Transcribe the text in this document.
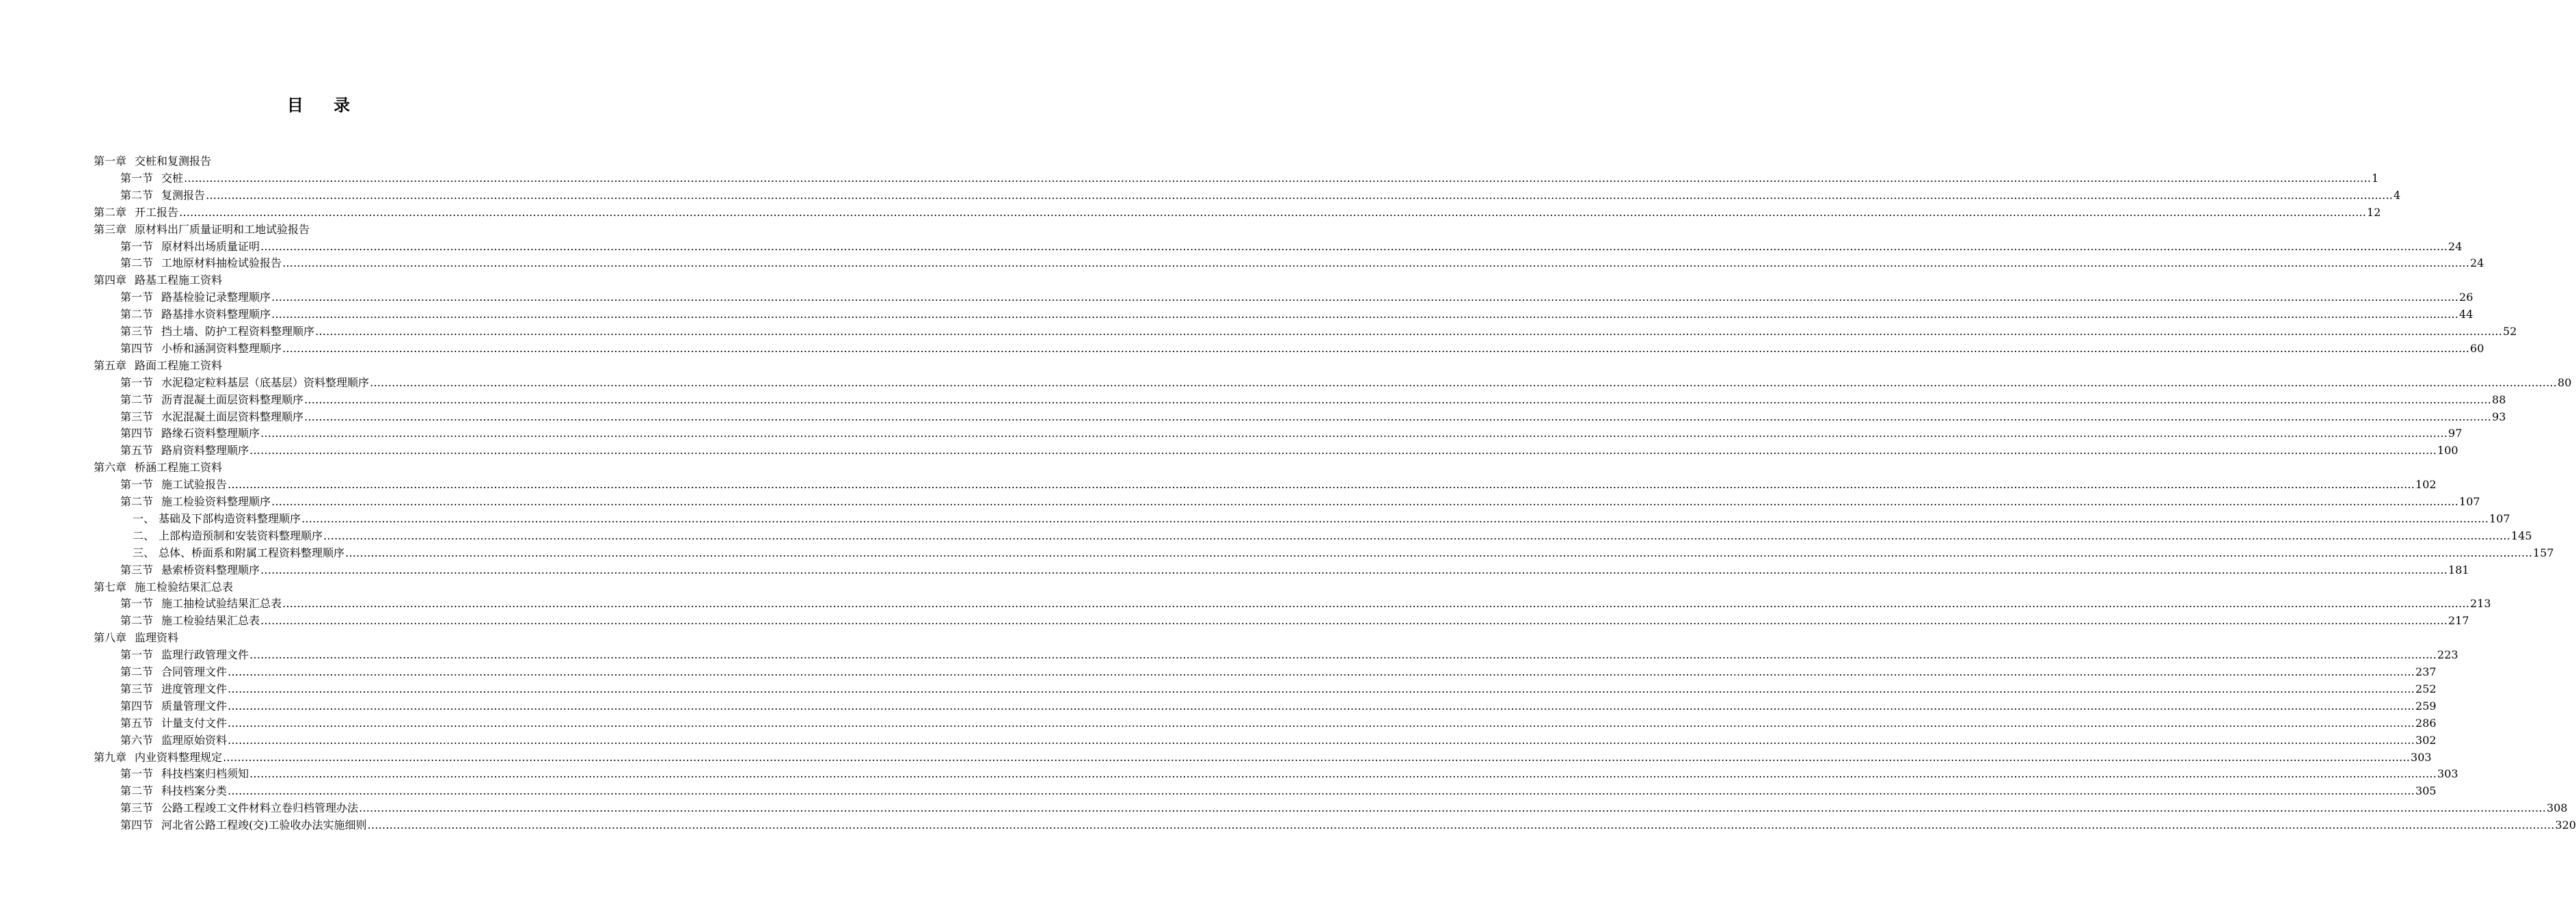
目 录
第一章 交桩和复测报告
第一节 交桩 …………………………………………………………………………………………………………………………………………………………………………………………………………………………………………………………………………………………………………………………………………………………………………………………………………………………………………………………………………………………………………………………………………………… 1
第二节 复测报告 …………………………………………………………………………………………………………………………………………………………………………………………………………………………………………………………………………………………………………………………………………………………………………………………………………………………………………………………………………………………………………………………………………………… 4
第二章 开工报告 …………………………………………………………………………………………………………………………………………………………………………………………………………………………………………………………………………………………………………………………………………………………………………………………………………………………………………………………………………………………………………………………………………………… 12
第三章 原材料出厂质量证明和工地试验报告
第一节 原材料出场质量证明 …………………………………………………………………………………………………………………………………………………………………………………………………………………………………………………………………………………………………………………………………………………………………………………………………………………………………………………………………………………………………………………………………………………… 24
第二节 工地原材料抽检试验报告 …………………………………………………………………………………………………………………………………………………………………………………………………………………………………………………………………………………………………………………………………………………………………………………………………………………………………………………………………………………………………………………………………………………… 24
第四章 路基工程施工资料
第一节 路基检验记录整理顺序 …………………………………………………………………………………………………………………………………………………………………………………………………………………………………………………………………………………………………………………………………………………………………………………………………………………………………………………………………………………………………………………………………………………… 26
第二节 路基排水资料整理顺序 …………………………………………………………………………………………………………………………………………………………………………………………………………………………………………………………………………………………………………………………………………………………………………………………………………………………………………………………………………………………………………………………………………………… 44
第三节 挡土墙、防护工程资料整理顺序 …………………………………………………………………………………………………………………………………………………………………………………………………………………………………………………………………………………………………………………………………………………………………………………………………………………………………………………………………………………………………………………………………………………… 52
第四节 小桥和涵洞资料整理顺序 …………………………………………………………………………………………………………………………………………………………………………………………………………………………………………………………………………………………………………………………………………………………………………………………………………………………………………………………………………………………………………………………………………………… 60
第五章 路面工程施工资料
第一节 水泥稳定粒料基层（底基层）资料整理顺序 …………………………………………………………………………………………………………………………………………………………………………………………………………………………………………………………………………………………………………………………………………………………………………………………………………………………………………………………………………………………………………………………………………………… 80
第二节 沥青混凝土面层资料整理顺序 …………………………………………………………………………………………………………………………………………………………………………………………………………………………………………………………………………………………………………………………………………………………………………………………………………………………………………………………………………………………………………………………………………………… 88
第三节 水泥混凝土面层资料整理顺序 …………………………………………………………………………………………………………………………………………………………………………………………………………………………………………………………………………………………………………………………………………………………………………………………………………………………………………………………………………………………………………………………………………………… 93
第四节 路缘石资料整理顺序 …………………………………………………………………………………………………………………………………………………………………………………………………………………………………………………………………………………………………………………………………………………………………………………………………………………………………………………………………………………………………………………………………………………… 97
第五节 路肩资料整理顺序 …………………………………………………………………………………………………………………………………………………………………………………………………………………………………………………………………………………………………………………………………………………………………………………………………………………………………………………………………………………………………………………………………………………… 100
第六章 桥涵工程施工资料
第一节 施工试验报告 …………………………………………………………………………………………………………………………………………………………………………………………………………………………………………………………………………………………………………………………………………………………………………………………………………………………………………………………………………………………………………………………………………………… 102
第二节 施工检验资料整理顺序 …………………………………………………………………………………………………………………………………………………………………………………………………………………………………………………………………………………………………………………………………………………………………………………………………………………………………………………………………………………………………………………………………………………… 107
一、 基础及下部构造资料整理顺序 …………………………………………………………………………………………………………………………………………………………………………………………………………………………………………………………………………………………………………………………………………………………………………………………………………………………………………………………………………………………………………………………………………………… 107
二、 上部构造预制和安装资料整理顺序 …………………………………………………………………………………………………………………………………………………………………………………………………………………………………………………………………………………………………………………………………………………………………………………………………………………………………………………………………………………………………………………………………………………… 145
三、 总体、桥面系和附属工程资料整理顺序 …………………………………………………………………………………………………………………………………………………………………………………………………………………………………………………………………………………………………………………………………………………………………………………………………………………………………………………………………………………………………………………………………………………… 157
第三节 悬索桥资料整理顺序 …………………………………………………………………………………………………………………………………………………………………………………………………………………………………………………………………………………………………………………………………………………………………………………………………………………………………………………………………………………………………………………………………………………… 181
第七章 施工检验结果汇总表
第一节 施工抽检试验结果汇总表 …………………………………………………………………………………………………………………………………………………………………………………………………………………………………………………………………………………………………………………………………………………………………………………………………………………………………………………………………………………………………………………………………………………… 213
第二节 施工检验结果汇总表 …………………………………………………………………………………………………………………………………………………………………………………………………………………………………………………………………………………………………………………………………………………………………………………………………………………………………………………………………………………………………………………………………………………… 217
第八章 监理资料
第一节 监理行政管理文件 …………………………………………………………………………………………………………………………………………………………………………………………………………………………………………………………………………………………………………………………………………………………………………………………………………………………………………………………………………………………………………………………………………………… 223
第二节 合同管理文件 …………………………………………………………………………………………………………………………………………………………………………………………………………………………………………………………………………………………………………………………………………………………………………………………………………………………………………………………………………………………………………………………………………………… 237
第三节 进度管理文件 …………………………………………………………………………………………………………………………………………………………………………………………………………………………………………………………………………………………………………………………………………………………………………………………………………………………………………………………………………………………………………………………………………………… 252
第四节 质量管理文件 …………………………………………………………………………………………………………………………………………………………………………………………………………………………………………………………………………………………………………………………………………………………………………………………………………………………………………………………………………………………………………………………………………………… 259
第五节 计量支付文件 …………………………………………………………………………………………………………………………………………………………………………………………………………………………………………………………………………………………………………………………………………………………………………………………………………………………………………………………………………………………………………………………………………………… 286
第六节 监理原始资料 …………………………………………………………………………………………………………………………………………………………………………………………………………………………………………………………………………………………………………………………………………………………………………………………………………………………………………………………………………………………………………………………………………………… 302
第九章 内业资料整理规定 …………………………………………………………………………………………………………………………………………………………………………………………………………………………………………………………………………………………………………………………………………………………………………………………………………………………………………………………………………………………………………………………………………………… 303
第一节 科技档案归档须知 …………………………………………………………………………………………………………………………………………………………………………………………………………………………………………………………………………………………………………………………………………………………………………………………………………………………………………………………………………………………………………………………………………………… 303
第二节 科技档案分类 …………………………………………………………………………………………………………………………………………………………………………………………………………………………………………………………………………………………………………………………………………………………………………………………………………………………………………………………………………………………………………………………………………………… 305
第三节 公路工程竣工文件材料立卷归档管理办法 …………………………………………………………………………………………………………………………………………………………………………………………………………………………………………………………………………………………………………………………………………………………………………………………………………………………………………………………………………………………………………………………………………………… 308
第四节 河北省公路工程竣(交)工验收办法实施细则 …………………………………………………………………………………………………………………………………………………………………………………………………………………………………………………………………………………………………………………………………………………………………………………………………………………………………………………………………………………………………………………………………………………… 320
